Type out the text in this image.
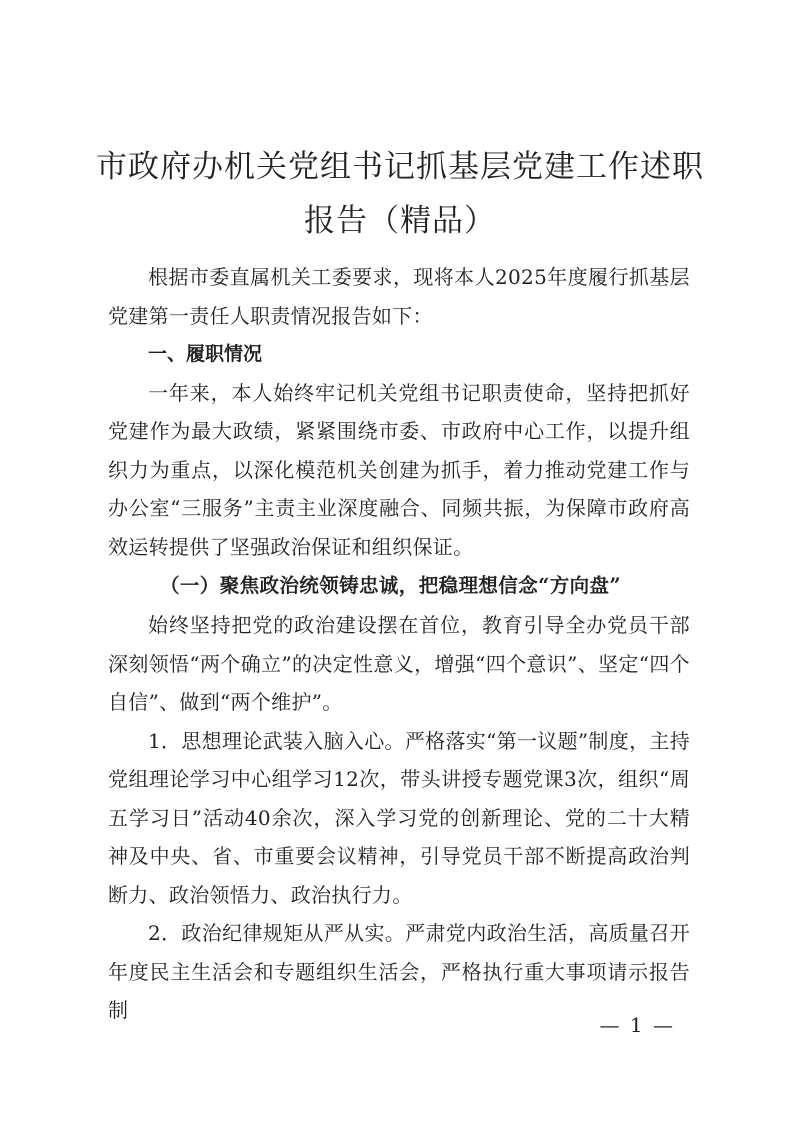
市政府办机关党组书记抓基层党建工作述职报告（精品）

根据市委直属机关工委要求，现将本人2025年度履行抓基层党建第一责任人职责情况报告如下：

一、履职情况

一年来，本人始终牢记机关党组书记职责使命，坚持把抓好党建作为最大政绩，紧紧围绕市委、市政府中心工作，以提升组织力为重点，以深化模范机关创建为抓手，着力推动党建工作与办公室“三服务”主责主业深度融合、同频共振，为保障市政府高效运转提供了坚强政治保证和组织保证。

（一）聚焦政治统领铸忠诚，把稳理想信念“方向盘”

始终坚持把党的政治建设摆在首位，教育引导全办党员干部深刻领悟“两个确立”的决定性意义，增强“四个意识”、坚定“四个自信”、做到“两个维护”。

1．思想理论武装入脑入心。严格落实“第一议题”制度，主持党组理论学习中心组学习12次，带头讲授专题党课3次，组织“周五学习日”活动40余次，深入学习党的创新理论、党的二十大精神及中央、省、市重要会议精神，引导党员干部不断提高政治判断力、政治领悟力、政治执行力。

2．政治纪律规矩从严从实。严肃党内政治生活，高质量召开年度民主生活会和专题组织生活会，严格执行重大事项请示报告制

— 1 —
